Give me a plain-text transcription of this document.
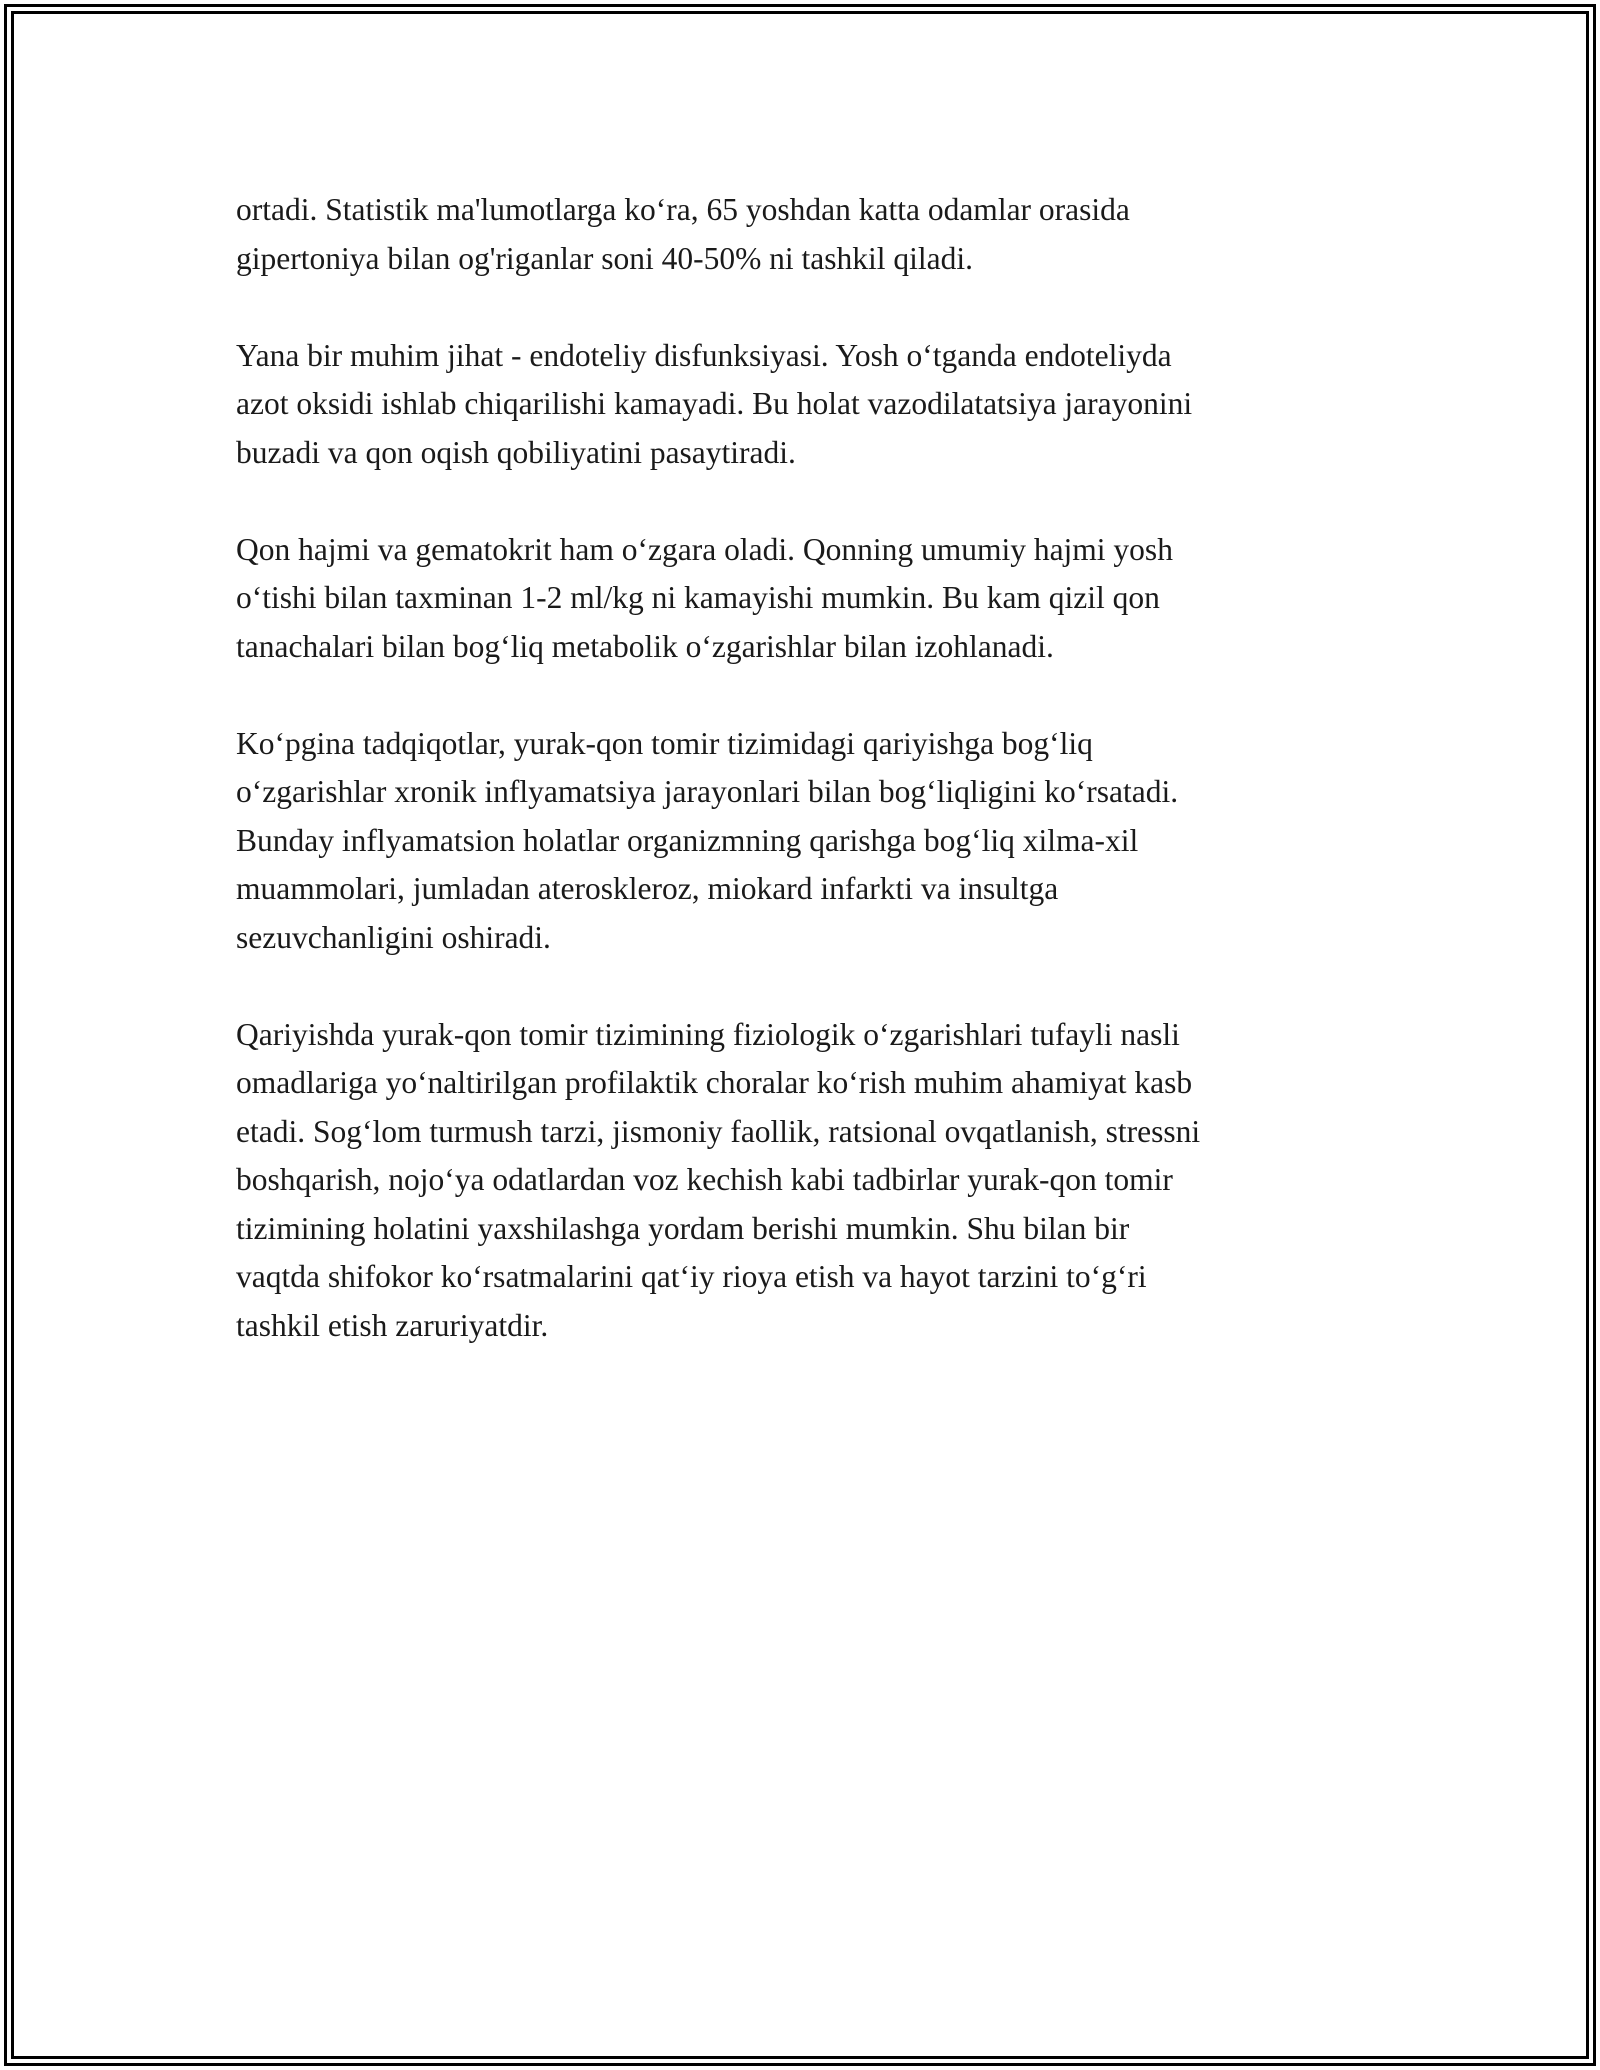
ortadi. Statistik ma'lumotlarga ko‘ra, 65 yoshdan katta odamlar orasida
gipertoniya bilan og'riganlar soni 40-50% ni tashkil qiladi.

Yana bir muhim jihat - endoteliy disfunksiyasi. Yosh o‘tganda endoteliyda
azot oksidi ishlab chiqarilishi kamayadi. Bu holat vazodilatatsiya jarayonini
buzadi va qon oqish qobiliyatini pasaytiradi.

Qon hajmi va gematokrit ham o‘zgara oladi. Qonning umumiy hajmi yosh
o‘tishi bilan taxminan 1-2 ml/kg ni kamayishi mumkin. Bu kam qizil qon
tanachalari bilan bog‘liq metabolik o‘zgarishlar bilan izohlanadi.

Ko‘pgina tadqiqotlar, yurak-qon tomir tizimidagi qariyishga bog‘liq
o‘zgarishlar xronik inflyamatsiya jarayonlari bilan bog‘liqligini ko‘rsatadi.
Bunday inflyamatsion holatlar organizmning qarishga bog‘liq xilma-xil
muammolari, jumladan ateroskleroz, miokard infarkti va insultga
sezuvchanligini oshiradi.

Qariyishda yurak-qon tomir tizimining fiziologik o‘zgarishlari tufayli nasli
omadlariga yo‘naltirilgan profilaktik choralar ko‘rish muhim ahamiyat kasb
etadi. Sog‘lom turmush tarzi, jismoniy faollik, ratsional ovqatlanish, stressni
boshqarish, nojo‘ya odatlardan voz kechish kabi tadbirlar yurak-qon tomir
tizimining holatini yaxshilashga yordam berishi mumkin. Shu bilan bir
vaqtda shifokor ko‘rsatmalarini qat‘iy rioya etish va hayot tarzini to‘g‘ri
tashkil etish zaruriyatdir.
